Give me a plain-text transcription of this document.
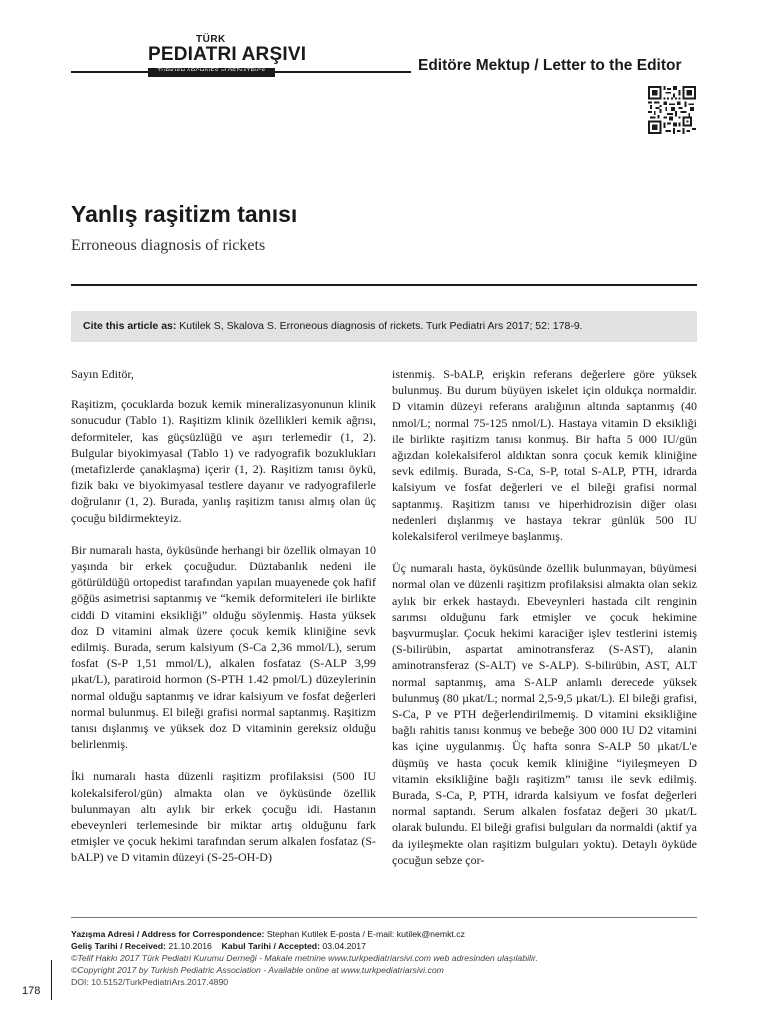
TÜRK
PEDIATRI ARŞIVI
Editöre Mektup / Letter to the Editor
Yanlış raşitizm tanısı
Erroneous diagnosis of rickets
Cite this article as: Kutilek S, Skalova S. Erroneous diagnosis of rickets. Turk Pediatri Ars 2017; 52: 178-9.

Sayın Editör,

Raşitizm, çocuklarda bozuk kemik mineralizasyonunun klinik sonucudur (Tablo 1). Raşitizm klinik özellikleri kemik ağrısı, deformiteler, kas güçsüzlüğü ve aşırı terlemedir (1, 2). Bulgular biyokimyasal (Tablo 1) ve radyografik bozuklukları (metafizlerde çanaklaşma) içerir (1, 2). Raşitizm tanısı öykü, fizik bakı ve biyokimyasal testlere dayanır ve radyografilerle doğrulanır (1, 2). Burada, yanlış raşitizm tanısı almış olan üç çocuğu bildirmekteyiz.

Bir numaralı hasta, öyküsünde herhangi bir özellik olmayan 10 yaşında bir erkek çocuğudur. Düztabanlık nedeni ile götürüldüğü ortopedist tarafından yapılan muayenede çok hafif göğüs asimetrisi saptanmış ve “kemik deformiteleri ile birlikte ciddi D vitamini eksikliği” olduğu söylenmiş. Hasta yüksek doz D vitamini almak üzere çocuk kemik kliniğine sevk edilmiş. Burada, serum kalsiyum (S-Ca 2,36 mmol/L), serum fosfat (S-P 1,51 mmol/L), alkalen fosfataz (S-ALP 3,99 µkat/L), paratiroid hormon (S-PTH 1.42 pmol/L) düzeylerinin normal olduğu saptanmış ve idrar kalsiyum ve fosfat değerleri normal bulunmuş. El bileği grafisi normal saptanmış. Raşitizm tanısı dışlanmış ve yüksek doz D vitaminin gereksiz olduğu belirlenmiş.

İki numaralı hasta düzenli raşitizm profilaksisi (500 IU kolekalsiferol/gün) almakta olan ve öyküsünde özellik bulunmayan altı aylık bir erkek çocuğu idi. Hastanın ebeveynleri terlemesinde bir miktar artış olduğunu fark etmişler ve çocuk hekimi tarafından serum alkalen fosfataz (S-bALP) ve D vitamin düzeyi (S-25-OH-D)

istenmiş. S-bALP, erişkin referans değerlere göre yüksek bulunmuş. Bu durum büyüyen iskelet için oldukça normaldir. D vitamin düzeyi referans aralığının altında saptanmış (40 nmol/L; normal 75-125 nmol/L). Hastaya vitamin D eksikliği ile birlikte raşitizm tanısı konmuş. Bir hafta 5 000 IU/gün ağızdan kolekalsiferol aldıktan sonra çocuk kemik kliniğine sevk edilmiş. Burada, S-Ca, S-P, total S-ALP, PTH, idrarda kalsiyum ve fosfat değerleri ve el bileği grafisi normal saptanmış. Raşitizm tanısı ve hiperhidrozisin diğer olası nedenleri dışlanmış ve hastaya tekrar günlük 500 IU kolekalsiferol verilmeye başlanmış.

Üç numaralı hasta, öyküsünde özellik bulunmayan, büyümesi normal olan ve düzenli raşitizm profilaksisi almakta olan sekiz aylık bir erkek hastaydı. Ebeveynleri hastada cilt renginin sarımsı olduğunu fark etmişler ve çocuk hekimine başvurmuşlar. Çocuk hekimi karaciğer işlev testlerini istemiş (S-bilirübin, aspartat aminotransferaz (S-AST), alanin aminotransferaz (S-ALT) ve S-ALP). S-bilirübin, AST, ALT normal saptanmış, ama S-ALP anlamlı derecede yüksek bulunmuş (80 µkat/L; normal 2,5-9,5 µkat/L). El bileği grafisi, S-Ca, P ve PTH değerlendirilmemiş. D vitamini eksikliğine bağlı rahitis tanısı konmuş ve bebeğe 300 000 IU D2 vitamini kas içine uygulanmış. Üç hafta sonra S-ALP 50 µkat/L'e düşmüş ve hasta çocuk kemik kliniğine “iyileşmeyen D vitamin eksikliğine bağlı raşitizm” tanısı ile sevk edilmiş. Burada, S-Ca, P, PTH, idrarda kalsiyum ve fosfat değerleri normal saptandı. Serum alkalen fosfataz değeri 30 µkat/L olarak bulundu. El bileği grafisi bulguları da normaldi (aktif ya da iyileşmekte olan raşitizm bulguları yoktu). Detaylı öyküde çocuğun sebze çor-

Yazışma Adresi / Address for Correspondence: Stephan Kutilek E-posta / E-mail: kutilek@nemkt.cz
Geliş Tarihi / Received: 21.10.2016 Kabul Tarihi / Accepted: 03.04.2017
©Telif Hakkı 2017 Türk Pediatri Kurumu Derneği - Makale metnine www.turkpediatriarsivi.com web adresinden ulaşılabilir.
©Copyright 2017 by Turkish Pediatric Association - Available online at www.turkpediatriarsivi.com
DOI: 10.5152/TurkPediatriArs.2017.4890
178
